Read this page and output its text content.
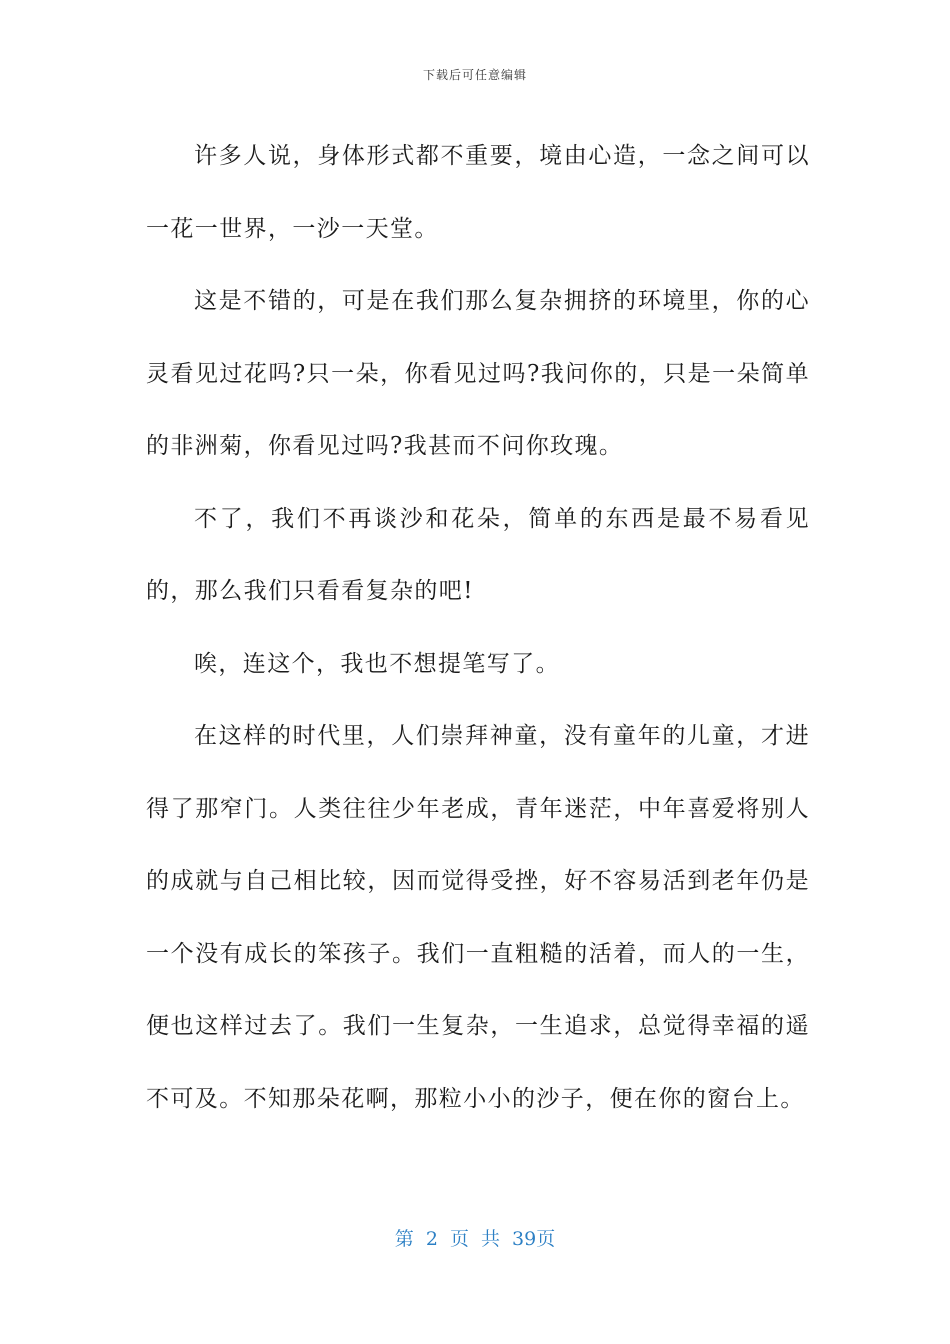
下载后可任意编辑

许多人说，身体形式都不重要，境由心造，一念之间可以一花一世界，一沙一天堂。

这是不错的，可是在我们那么复杂拥挤的环境里，你的心灵看见过花吗?只一朵，你看见过吗?我问你的，只是一朵简单的非洲菊，你看见过吗?我甚而不问你玫瑰。

不了，我们不再谈沙和花朵，简单的东西是最不易看见的，那么我们只看看复杂的吧!

唉，连这个，我也不想提笔写了。

在这样的时代里，人们崇拜神童，没有童年的儿童，才进得了那窄门。人类往往少年老成，青年迷茫，中年喜爱将别人的成就与自己相比较，因而觉得受挫，好不容易活到老年仍是一个没有成长的笨孩子。我们一直粗糙的活着，而人的一生，便也这样过去了。我们一生复杂，一生追求，总觉得幸福的遥不可及。不知那朵花啊，那粒小小的沙子，便在你的窗台上。

第 2 页 共 39页
